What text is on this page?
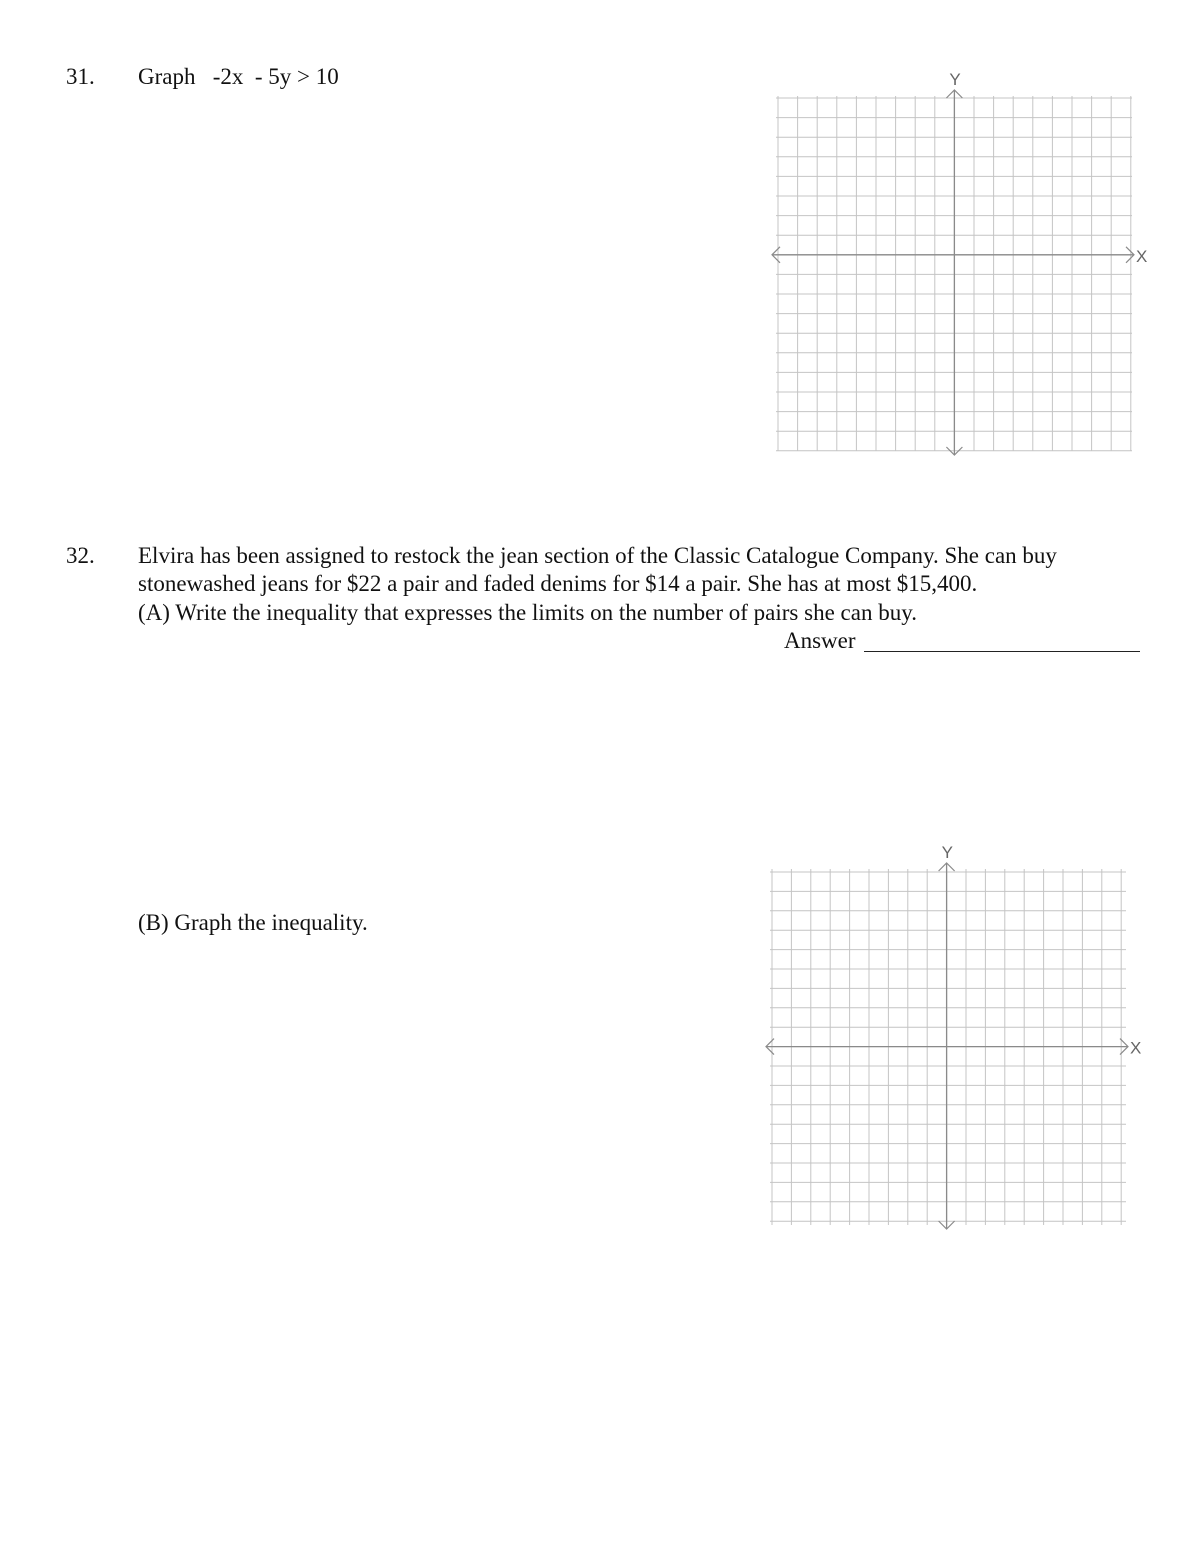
31. Graph   -2x  - 5y > 10
X
Y
32. Elvira has been assigned to restock the jean section of the Classic Catalogue Company. She can buy
stonewashed jeans for $22 a pair and faded denims for $14 a pair. She has at most $15,400.
(A) Write the inequality that expresses the limits on the number of pairs she can buy.
Answer
(B) Graph the inequality.
X
Y
